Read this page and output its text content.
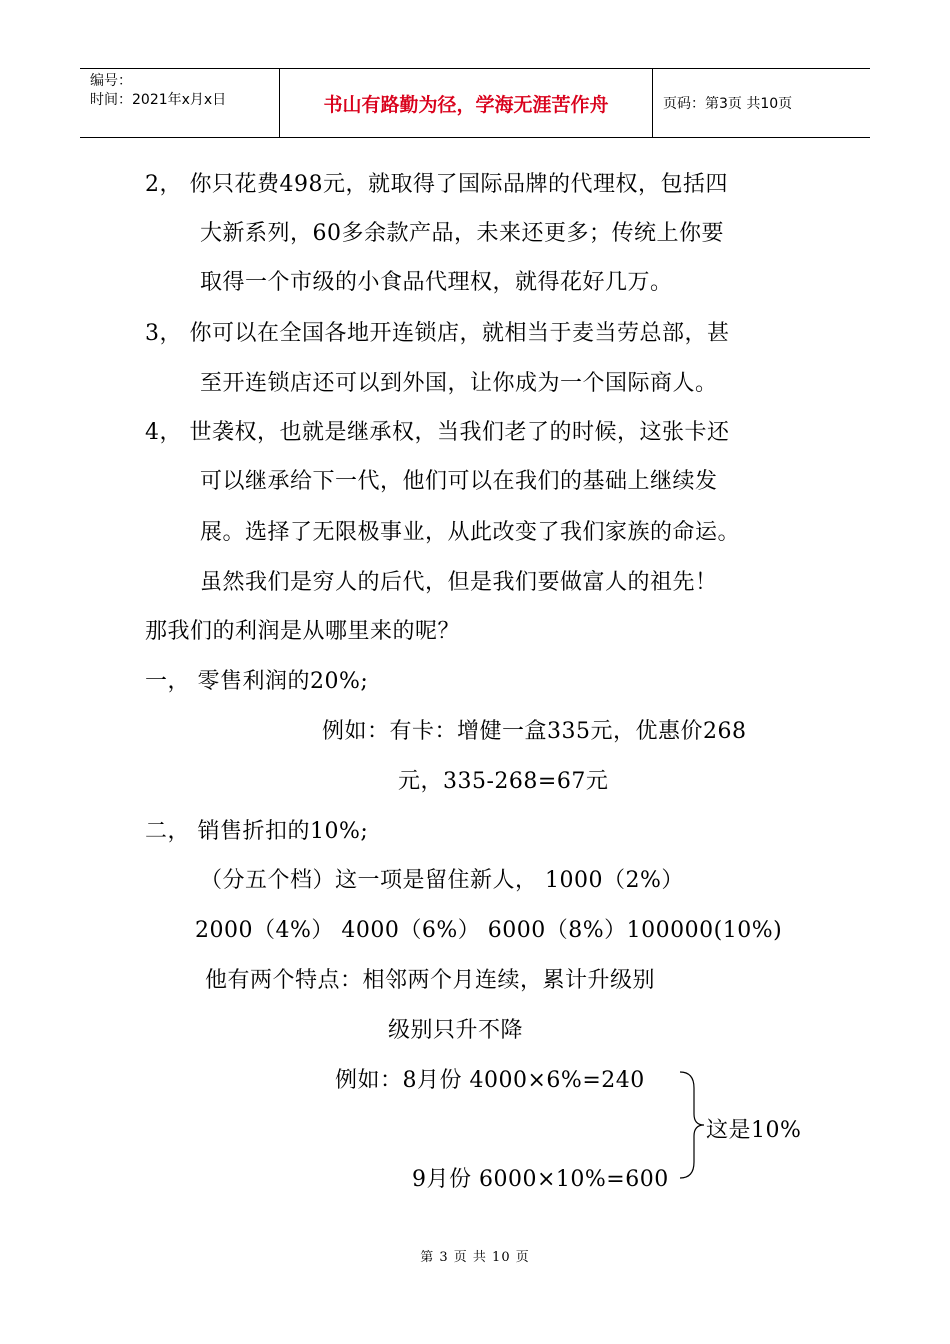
编号：
时间：2021年x月x日	书山有路勤为径，学海无涯苦作舟	页码：第3页 共10页
2， 你只花费498元，就取得了国际品牌的代理权，包括四
大新系列，60多余款产品，未来还更多；传统上你要
取得一个市级的小食品代理权，就得花好几万。
3， 你可以在全国各地开连锁店，就相当于麦当劳总部，甚
至开连锁店还可以到外国，让你成为一个国际商人。
4， 世袭权，也就是继承权，当我们老了的时候，这张卡还
可以继承给下一代，他们可以在我们的基础上继续发
展。选择了无限极事业，从此改变了我们家族的命运。
虽然我们是穷人的后代，但是我们要做富人的祖先！
那我们的利润是从哪里来的呢？
一， 零售利润的20%;
例如：有卡：增健一盒335元，优惠价268
元，335-268=67元
二， 销售折扣的10%;
（分五个档）这一项是留住新人， 1000（2%）
2000（4%） 4000（6%） 6000（8%）100000(10%)
他有两个特点：相邻两个月连续，累计升级别
级别只升不降
例如：8月份 4000×6%=240
这是10%
9月份 6000×10%=600
第 3 页 共 10 页
